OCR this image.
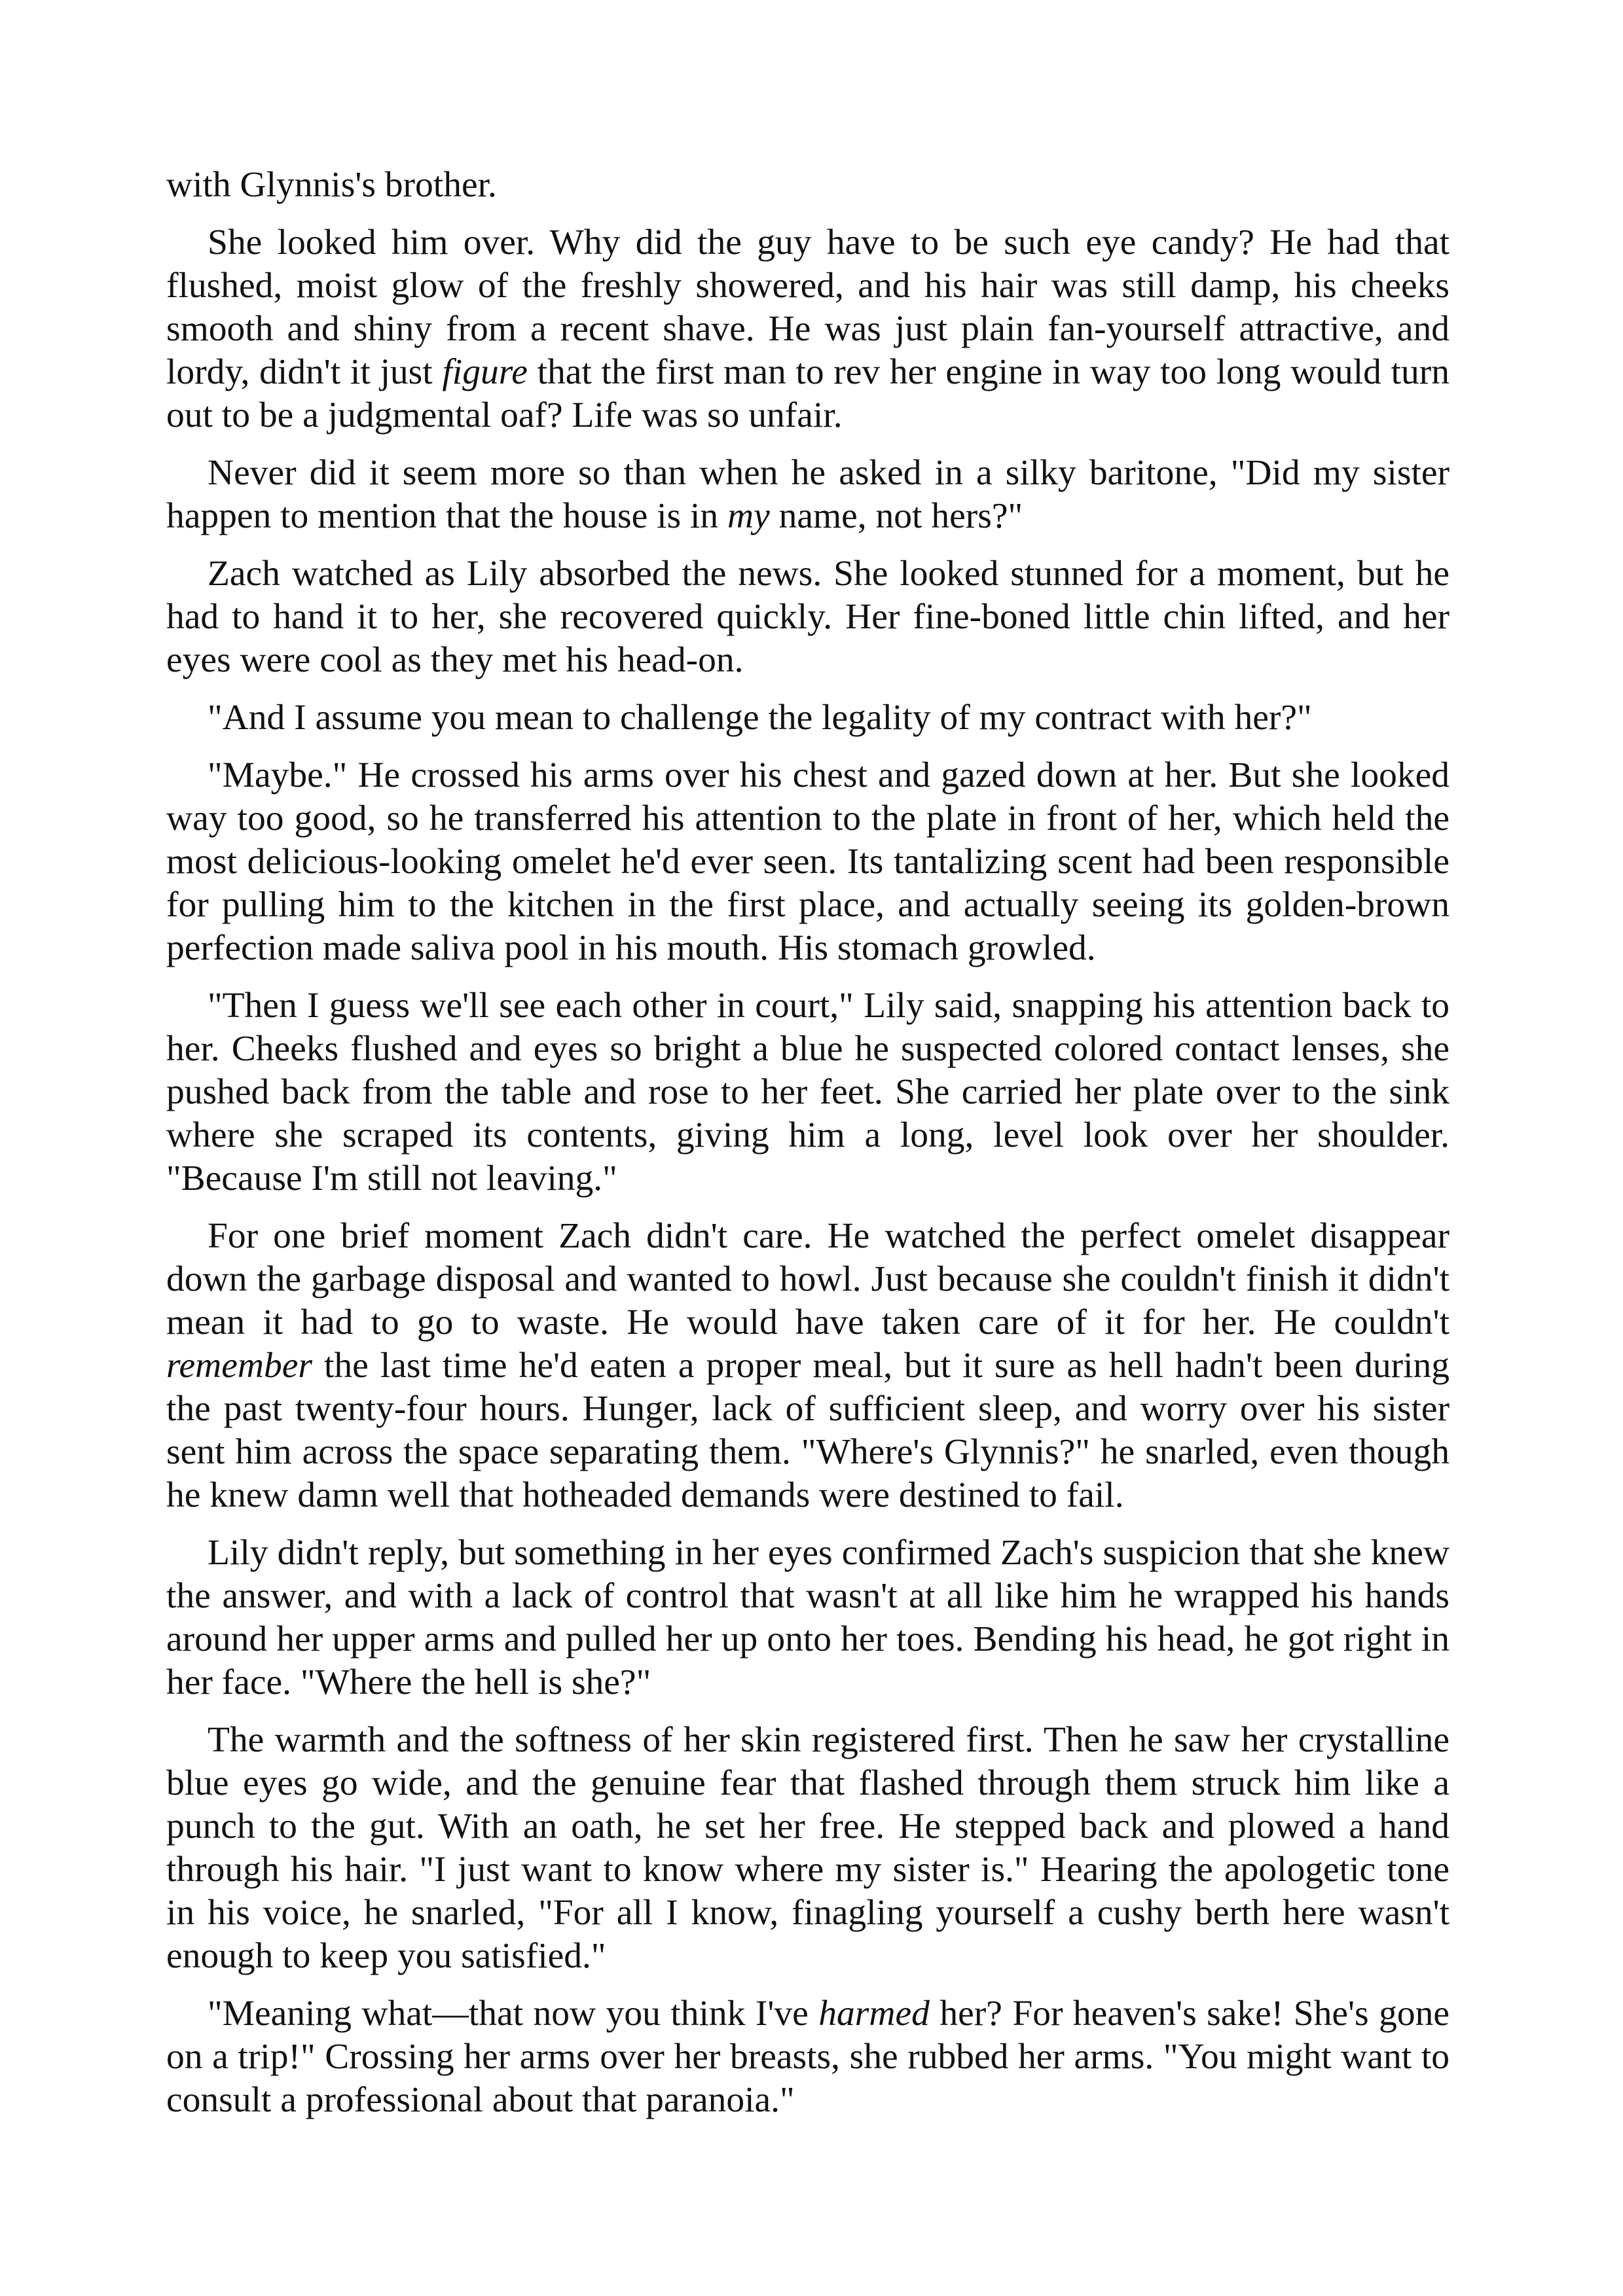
with Glynnis's brother.

She looked him over. Why did the guy have to be such eye candy? He had that flushed, moist glow of the freshly showered, and his hair was still damp, his cheeks smooth and shiny from a recent shave. He was just plain fan-yourself attractive, and lordy, didn't it just figure that the first man to rev her engine in way too long would turn out to be a judgmental oaf? Life was so unfair.

Never did it seem more so than when he asked in a silky baritone, "Did my sister happen to mention that the house is in my name, not hers?"

Zach watched as Lily absorbed the news. She looked stunned for a moment, but he had to hand it to her, she recovered quickly. Her fine-boned little chin lifted, and her eyes were cool as they met his head-on.

"And I assume you mean to challenge the legality of my contract with her?"

"Maybe." He crossed his arms over his chest and gazed down at her. But she looked way too good, so he transferred his attention to the plate in front of her, which held the most delicious-looking omelet he'd ever seen. Its tantalizing scent had been responsible for pulling him to the kitchen in the first place, and actually seeing its golden-brown perfection made saliva pool in his mouth. His stomach growled.

"Then I guess we'll see each other in court," Lily said, snapping his attention back to her. Cheeks flushed and eyes so bright a blue he suspected colored contact lenses, she pushed back from the table and rose to her feet. She carried her plate over to the sink where she scraped its contents, giving him a long, level look over her shoulder. "Because I'm still not leaving."

For one brief moment Zach didn't care. He watched the perfect omelet disappear down the garbage disposal and wanted to howl. Just because she couldn't finish it didn't mean it had to go to waste. He would have taken care of it for her. He couldn't remember the last time he'd eaten a proper meal, but it sure as hell hadn't been during the past twenty-four hours. Hunger, lack of sufficient sleep, and worry over his sister sent him across the space separating them. "Where's Glynnis?" he snarled, even though he knew damn well that hotheaded demands were destined to fail.

Lily didn't reply, but something in her eyes confirmed Zach's suspicion that she knew the answer, and with a lack of control that wasn't at all like him he wrapped his hands around her upper arms and pulled her up onto her toes. Bending his head, he got right in her face. "Where the hell is she?"

The warmth and the softness of her skin registered first. Then he saw her crystalline blue eyes go wide, and the genuine fear that flashed through them struck him like a punch to the gut. With an oath, he set her free. He stepped back and plowed a hand through his hair. "I just want to know where my sister is." Hearing the apologetic tone in his voice, he snarled, "For all I know, finagling yourself a cushy berth here wasn't enough to keep you satisfied."

"Meaning what—that now you think I've harmed her? For heaven's sake! She's gone on a trip!" Crossing her arms over her breasts, she rubbed her arms. "You might want to consult a professional about that paranoia."
